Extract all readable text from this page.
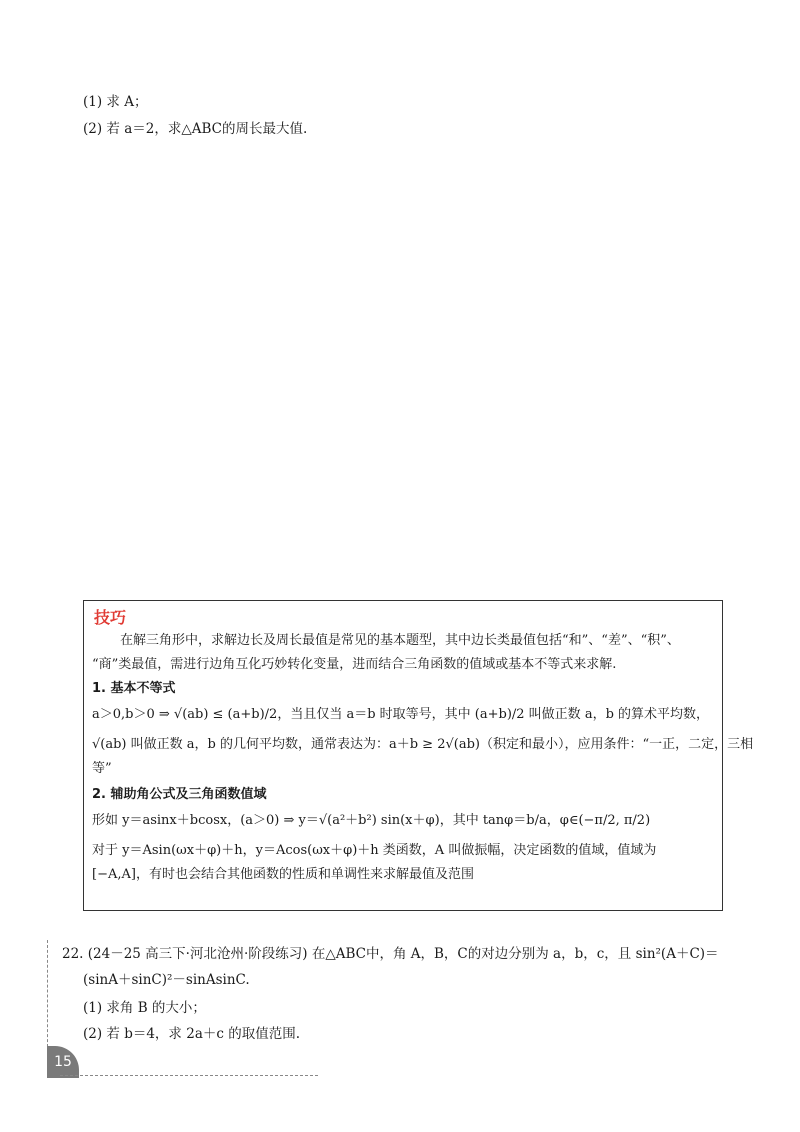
(1) 求 A；
(2) 若 a＝2，求△ABC的周长最大值.
技巧
在解三角形中，求解边长及周长最值是常见的基本题型，其中边长类最值包括“和”、“差”、“积”、
“商”类最值，需进行边角互化巧妙转化变量，进而结合三角函数的值域或基本不等式来求解.
1. 基本不等式
a＞0,b＞0 ⇒ √(ab) ≤ (a+b)/2，当且仅当 a＝b 时取等号，其中 (a+b)/2 叫做正数 a，b 的算术平均数，
√(ab) 叫做正数 a，b 的几何平均数，通常表达为：a＋b ≥ 2√(ab)（积定和最小），应用条件：“一正，二定，三相
等”
2. 辅助角公式及三角函数值域
形如 y＝asinx＋bcosx，(a＞0) ⇒ y＝√(a²＋b²) sin(x＋φ)，其中 tanφ＝b/a，φ∈(−π/2, π/2)
对于 y＝Asin(ωx＋φ)＋h，y＝Acos(ωx＋φ)＋h 类函数，A 叫做振幅，决定函数的值域，值域为
[−A,A]，有时也会结合其他函数的性质和单调性来求解最值及范围
22. (24－25 高三下·河北沧州·阶段练习) 在△ABC中，角 A，B，C的对边分别为 a，b，c，且 sin²(A＋C)＝
(sinA＋sinC)²－sinAsinC.
(1) 求角 B 的大小；
(2) 若 b＝4，求 2a＋c 的取值范围.
15
